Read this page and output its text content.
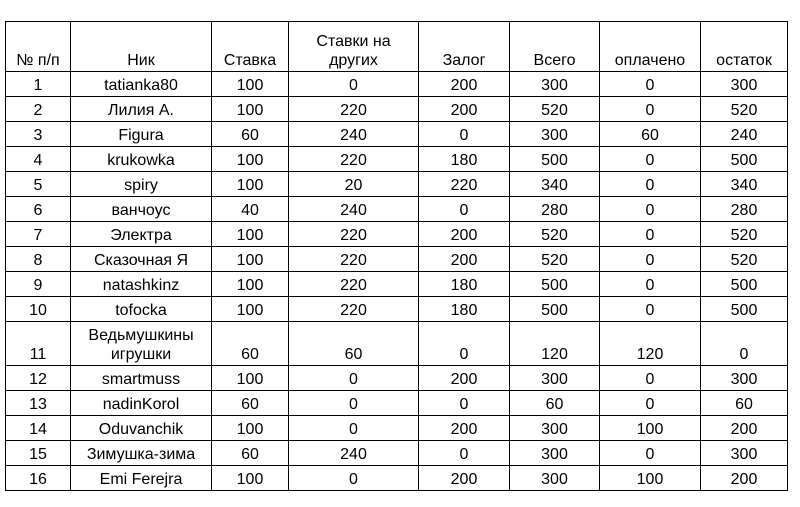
№ п/п	Ник	Ставка	Ставки на других	Залог	Всего	оплачено	остаток
1	tatianka80	100	0	200	300	0	300
2	Лилия А.	100	220	200	520	0	520
3	Figura	60	240	0	300	60	240
4	krukowka	100	220	180	500	0	500
5	spiry	100	20	220	340	0	340
6	ванчоус	40	240	0	280	0	280
7	Электра	100	220	200	520	0	520
8	Сказочная Я	100	220	200	520	0	520
9	natashkinz	100	220	180	500	0	500
10	tofocka	100	220	180	500	0	500
11	Ведьмушкины игрушки	60	60	0	120	120	0
12	smartmuss	100	0	200	300	0	300
13	nadinKorol	60	0	0	60	0	60
14	Oduvanchik	100	0	200	300	100	200
15	Зимушка-зима	60	240	0	300	0	300
16	Emi Ferejra	100	0	200	300	100	200
